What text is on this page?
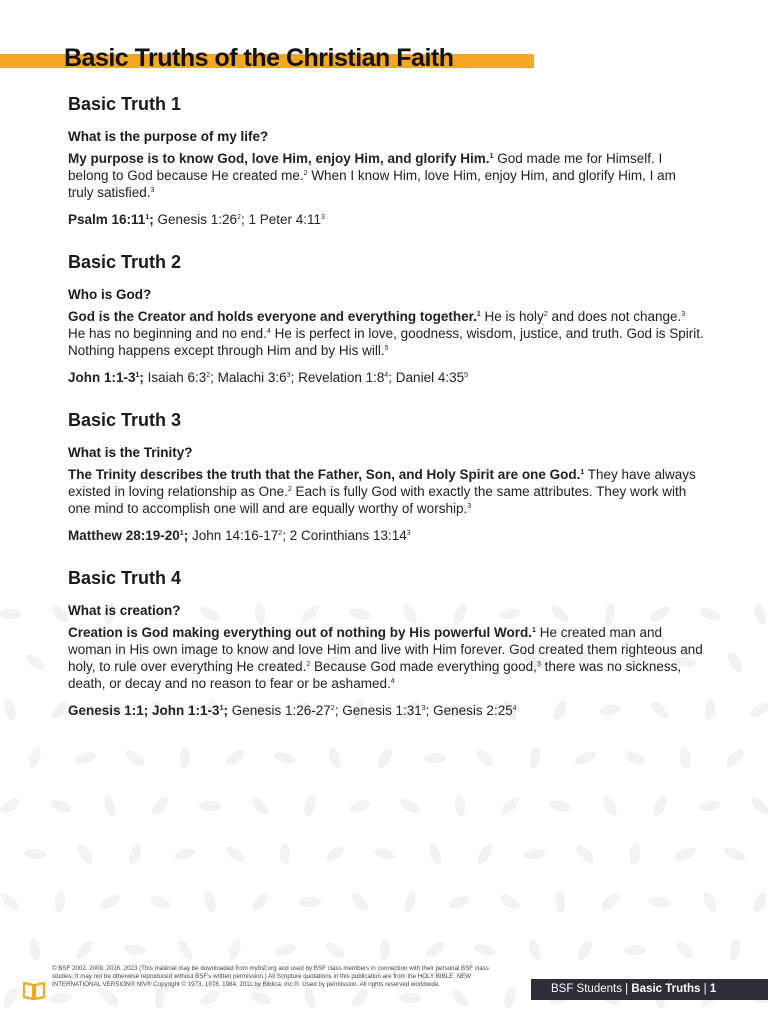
Basic Truths of the Christian Faith
Basic Truth 1

What is the purpose of my life?

My purpose is to know God, love Him, enjoy Him, and glorify Him.$^1$ God made me for Himself. I belong to God because He created me.$^2$ When I know Him, love Him, enjoy Him, and glorify Him, I am truly satisfied.$^3$

Psalm $16:11^1$; Genesis $1:26^2$; 1 Peter $4:11^3$

Basic Truth 2

Who is God?

God is the Creator and holds everyone and everything together.$^1$ He is holy$^2$ and does not change.$^3$ He has no beginning and no end.$^4$ He is perfect in love, goodness, wisdom, justice, and truth. God is Spirit. Nothing happens except through Him and by His will.$^5$

John $1:1-3^1$; Isaiah $6:3^2$; Malachi $3:6^3$; Revelation $1:8^4$; Daniel $4:35^5$

Basic Truth 3

What is the Trinity?

The Trinity describes the truth that the Father, Son, and Holy Spirit are one God.$^1$ They have always existed in loving relationship as One.$^2$ Each is fully God with exactly the same attributes. They work with one mind to accomplish one will and are equally worthy of worship.$^3$

Matthew $28:19-20^1$; John $14:16-17^2$; 2 Corinthians $13:14^3$

Basic Truth 4

What is creation?

Creation is God making everything out of nothing by His powerful Word.$^1$ He created man and woman in His own image to know and love Him and live with Him forever. God created them righteous and holy, to rule over everything He created.$^2$ Because God made everything good,$^3$ there was no sickness, death, or decay and no reason to fear or be ashamed.$^4$

Genesis 1:1; John $1:1-3^1$; Genesis $1:26-27^2$; Genesis $1:31^3$; Genesis $2:25^4$

© BSF 2002, 2009, 2016, 2023 (This material may be downloaded from mybsf.org and used by BSF class members in connection with their personal BSF class studies. It may not be otherwise reproduced without BSF's written permission.) All Scripture quotations in this publication are from the HOLY BIBLE, NEW INTERNATIONAL VERSION® NIV® Copyright © 1973, 1978, 1984, 2011 by Biblica, Inc.®. Used by permission. All rights reserved worldwide.	BSF Students | Basic Truths | 1
